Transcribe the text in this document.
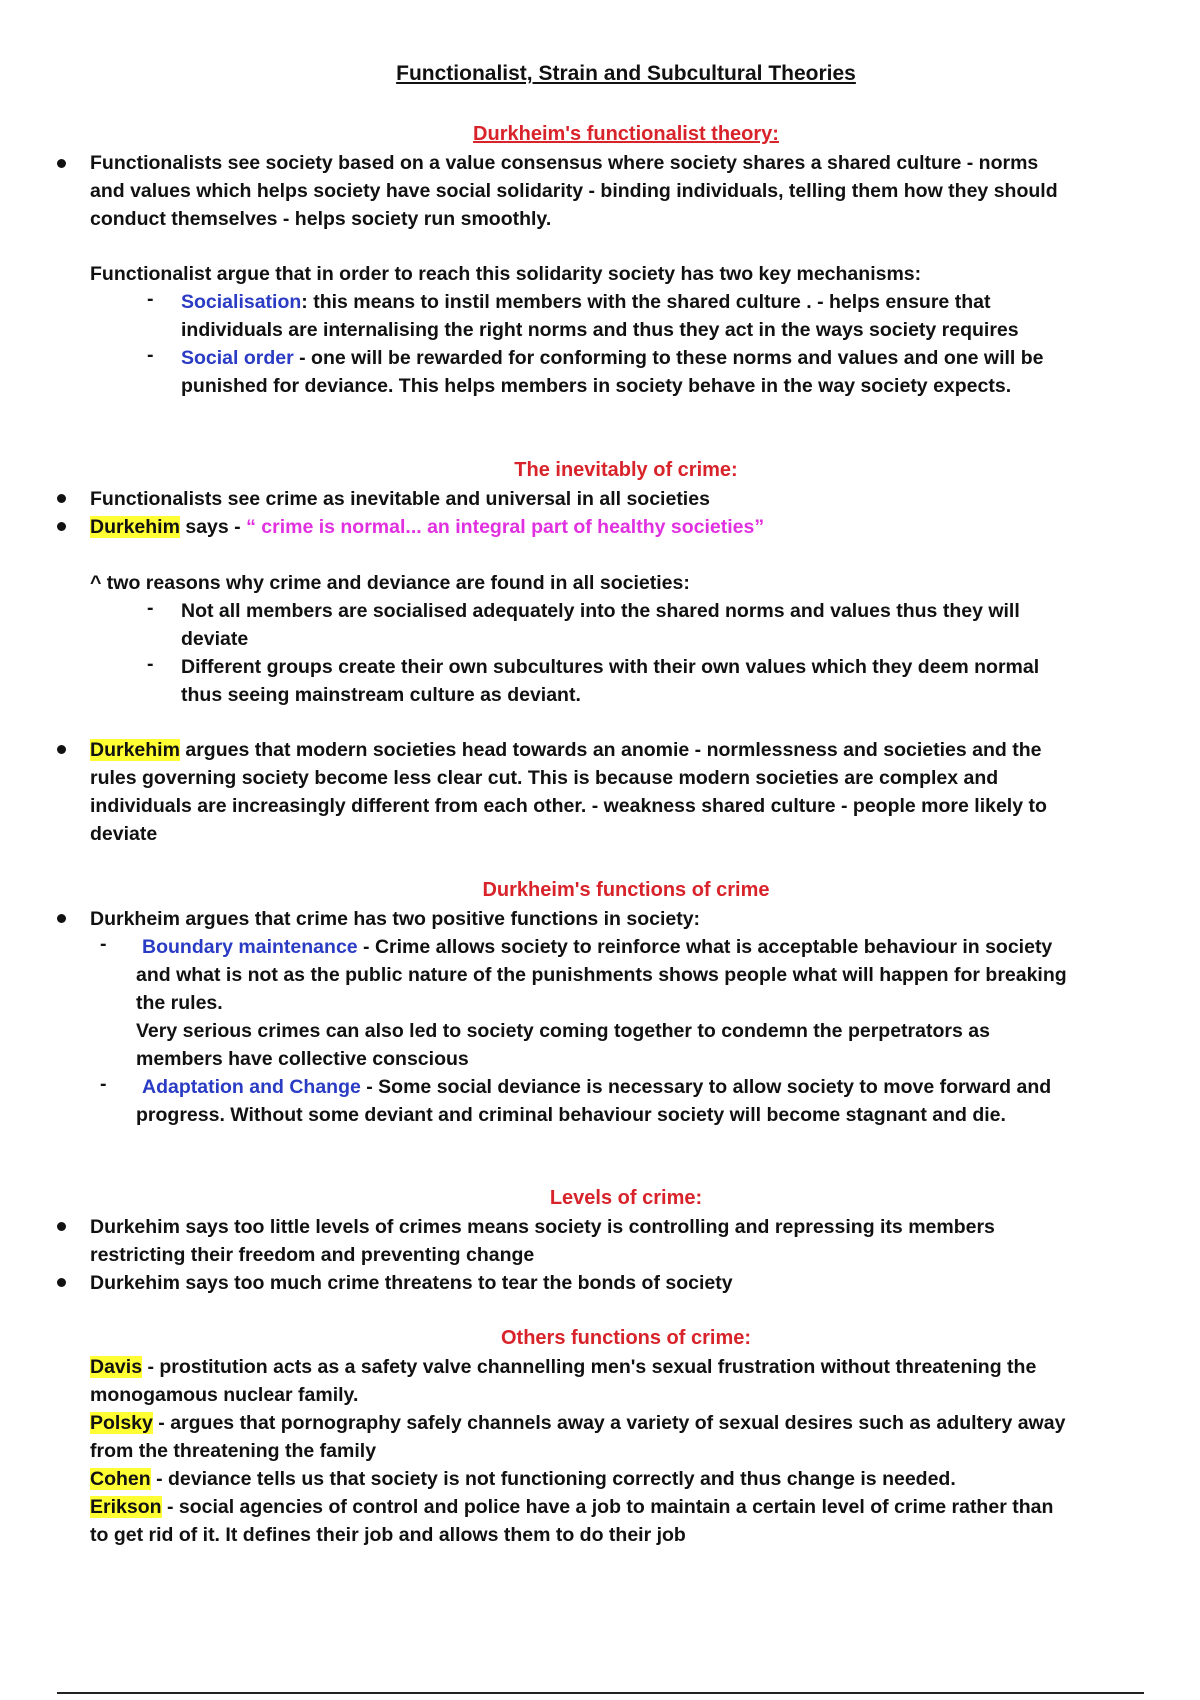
Functionalist, Strain and Subcultural Theories
Durkheim's functionalist theory:
Functionalists see society based on a value consensus where society shares a shared culture - norms
and values which helps society have social solidarity - binding individuals, telling them how they should
conduct themselves - helps society run smoothly.
Functionalist argue that in order to reach this solidarity society has two key mechanisms:
- Socialisation: this means to instil members with the shared culture . - helps ensure that
individuals are internalising the right norms and thus they act in the ways society requires
- Social order - one will be rewarded for conforming to these norms and values and one will be
punished for deviance. This helps members in society behave in the way society expects.
The inevitably of crime:
Functionalists see crime as inevitable and universal in all societies
Durkehim says - “ crime is normal... an integral part of healthy societies”
^ two reasons why crime and deviance are found in all societies:
- Not all members are socialised adequately into the shared norms and values thus they will
deviate
- Different groups create their own subcultures with their own values which they deem normal
thus seeing mainstream culture as deviant.
Durkehim argues that modern societies head towards an anomie - normlessness and societies and the
rules governing society become less clear cut. This is because modern societies are complex and
individuals are increasingly different from each other. - weakness shared culture - people more likely to
deviate
Durkheim's functions of crime
Durkheim argues that crime has two positive functions in society:
-	Boundary maintenance - Crime allows society to reinforce what is acceptable behaviour in society
and what is not as the public nature of the punishments shows people what will happen for breaking
the rules.
Very serious crimes can also led to society coming together to condemn the perpetrators as
members have collective conscious
-	Adaptation and Change - Some social deviance is necessary to allow society to move forward and
progress. Without some deviant and criminal behaviour society will become stagnant and die.
Levels of crime:
Durkehim says too little levels of crimes means society is controlling and repressing its members
restricting their freedom and preventing change
Durkehim says too much crime threatens to tear the bonds of society
Others functions of crime:
Davis - prostitution acts as a safety valve channelling men's sexual frustration without threatening the
monogamous nuclear family.
Polsky - argues that pornography safely channels away a variety of sexual desires such as adultery away
from the threatening the family
Cohen - deviance tells us that society is not functioning correctly and thus change is needed.
Erikson - social agencies of control and police have a job to maintain a certain level of crime rather than
to get rid of it. It defines their job and allows them to do their job
